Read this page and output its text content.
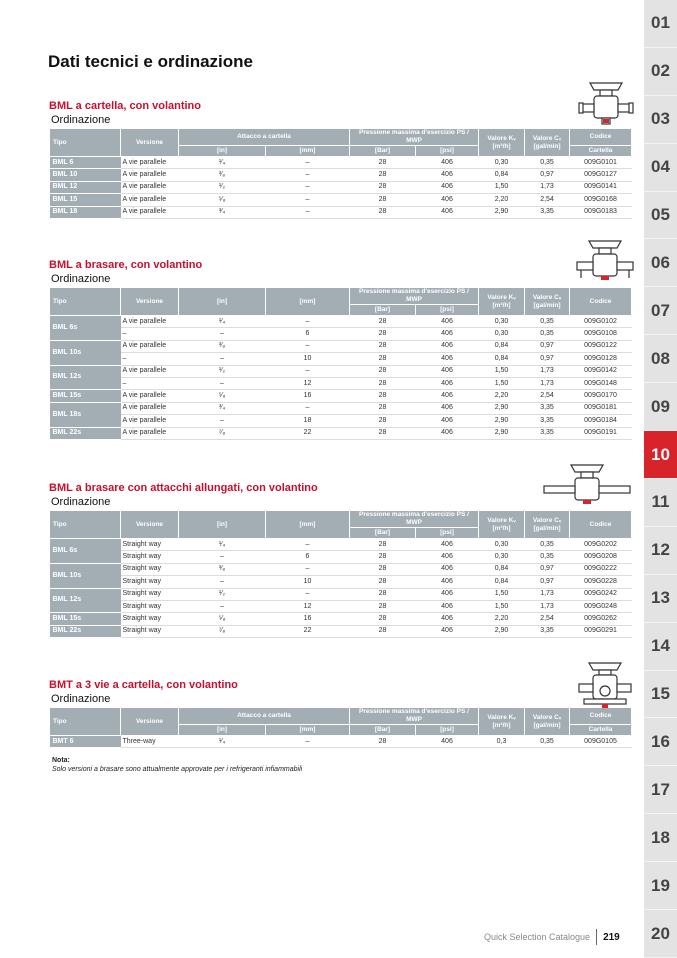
01
02
03
04
05
06
07
08
09
10
11
12
13
14
15
16
17
18
19
20
Dati tecnici e ordinazione
BML a cartella, con volantino
Ordinazione
Tipo	Versione	Attacco a cartella		Pressione massima d'esercizio PS / MWP		Valore Kᵥ [m³/h]	Valore Cᵥ [gal/min]	Codice
		[in]	[mm]	[Bar]	[psi]			Cartella
BML 6	A vie parallele	¹⁄₄	–	28	406	0,30	0,35	009G0101
BML 10	A vie parallele	³⁄₈	–	28	406	0,84	0,97	009G0127
BML 12	A vie parallele	¹⁄₂	–	28	406	1,50	1,73	009G0141
BML 15	A vie parallele	⁵⁄₈	–	28	406	2,20	2,54	009G0168
BML 18	A vie parallele	³⁄₄	–	28	406	2,90	3,35	009G0183
BML a brasare, con volantino
Ordinazione
Tipo	Versione	[in]	[mm]	Pressione massima d'esercizio PS / MWP		Valore Kᵥ [m³/h]	Valore Cᵥ [gal/min]	Codice
				[Bar]	[psi]			
BML 6s	A vie parallele	¹⁄₄	–	28	406	0,30	0,35	009G0102
	–	–	6	28	406	0,30	0,35	009G0108
BML 10s	A vie parallele	³⁄₈	–	28	406	0,84	0,97	009G0122
	–	–	10	28	406	0,84	0,97	009G0128
BML 12s	A vie parallele	¹⁄₂	–	28	406	1,50	1,73	009G0142
	–	–	12	28	406	1,50	1,73	009G0148
BML 15s	A vie parallele	⁵⁄₈	16	28	406	2,20	2,54	009G0170
BML 18s	A vie parallele	³⁄₄	–	28	406	2,90	3,35	009G0181
	A vie parallele	–	18	28	406	2,90	3,35	009G0184
BML 22s	A vie parallele	⁷⁄₈	22	28	406	2,90	3,35	009G0191
BML a brasare con attacchi allungati, con volantino
Ordinazione
Tipo	Versione	[in]	[mm]	Pressione massima d'esercizio PS / MWP		Valore Kᵥ [m³/h]	Valore Cᵥ [gal/min]	Codice
				[Bar]	[psi]			
BML 6s	Straight way	¹⁄₄	–	28	406	0,30	0,35	009G0202
	Straight way	–	6	28	406	0,30	0,35	009G0208
BML 10s	Straight way	³⁄₈	–	28	406	0,84	0,97	009G0222
	Straight way	–	10	28	406	0,84	0,97	009G0228
BML 12s	Straight way	¹⁄₂	–	28	406	1,50	1,73	009G0242
	Straight way	–	12	28	406	1,50	1,73	009G0248
BML 15s	Straight way	⁵⁄₈	16	28	406	2,20	2,54	009G0262
BML 22s	Straight way	⁷⁄₈	22	28	406	2,90	3,35	009G0291
BMT a 3 vie a cartella, con volantino
Ordinazione
Tipo	Versione	Attacco a cartella		Pressione massima d'esercizio PS / MWP		Valore Kᵥ [m³/h]	Valore Cᵥ [gal/min]	Codice
		[in]	[mm]	[Bar]	[psi]			Cartella
BMT 6	Three-way	¹⁄₄	–	28	406	0,3	0,35	009G0105
Nota:
Solo versioni a brasare sono attualmente approvate per i refrigeranti infiammabili
Quick Selection Catalogue 219
